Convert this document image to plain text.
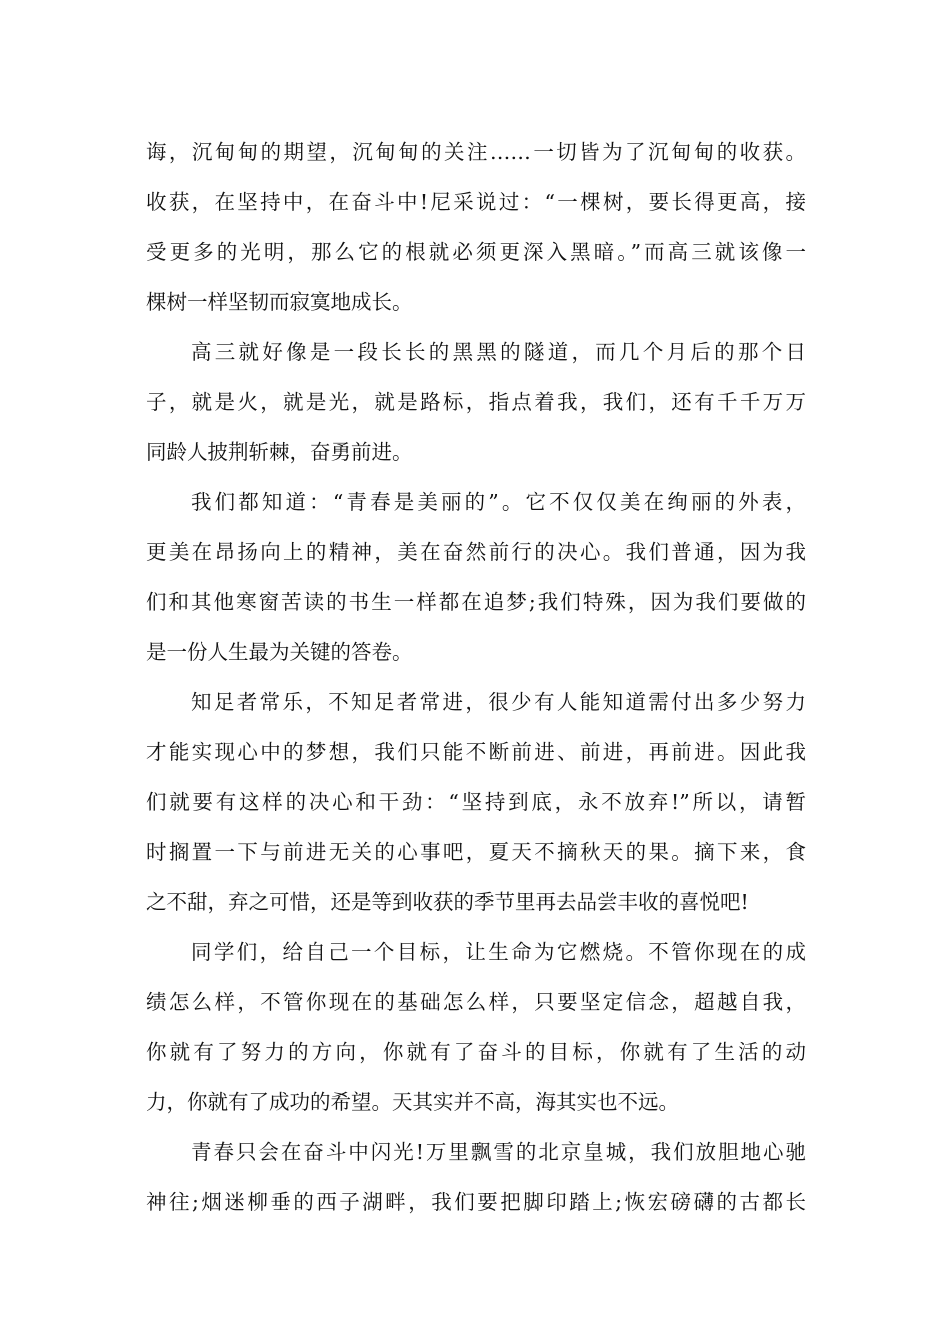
诲，沉甸甸的期望，沉甸甸的关注……一切皆为了沉甸甸的收获。
收获，在坚持中，在奋斗中!尼采说过：“一棵树，要长得更高，接
受更多的光明，那么它的根就必须更深入黑暗。”而高三就该像一
棵树一样坚韧而寂寞地成长。
高三就好像是一段长长的黑黑的隧道，而几个月后的那个日
子，就是火，就是光，就是路标，指点着我，我们，还有千千万万
同龄人披荆斩棘，奋勇前进。
我们都知道：“青春是美丽的”。它不仅仅美在绚丽的外表，
更美在昂扬向上的精神，美在奋然前行的决心。我们普通，因为我
们和其他寒窗苦读的书生一样都在追梦;我们特殊，因为我们要做的
是一份人生最为关键的答卷。
知足者常乐，不知足者常进，很少有人能知道需付出多少努力
才能实现心中的梦想，我们只能不断前进、前进，再前进。因此我
们就要有这样的决心和干劲：“坚持到底，永不放弃!”所以，请暂
时搁置一下与前进无关的心事吧，夏天不摘秋天的果。摘下来，食
之不甜，弃之可惜，还是等到收获的季节里再去品尝丰收的喜悦吧!
同学们，给自己一个目标，让生命为它燃烧。不管你现在的成
绩怎么样，不管你现在的基础怎么样，只要坚定信念，超越自我，
你就有了努力的方向，你就有了奋斗的目标，你就有了生活的动
力，你就有了成功的希望。天其实并不高，海其实也不远。
青春只会在奋斗中闪光!万里飘雪的北京皇城，我们放胆地心驰
神往;烟迷柳垂的西子湖畔，我们要把脚印踏上;恢宏磅礴的古都长
